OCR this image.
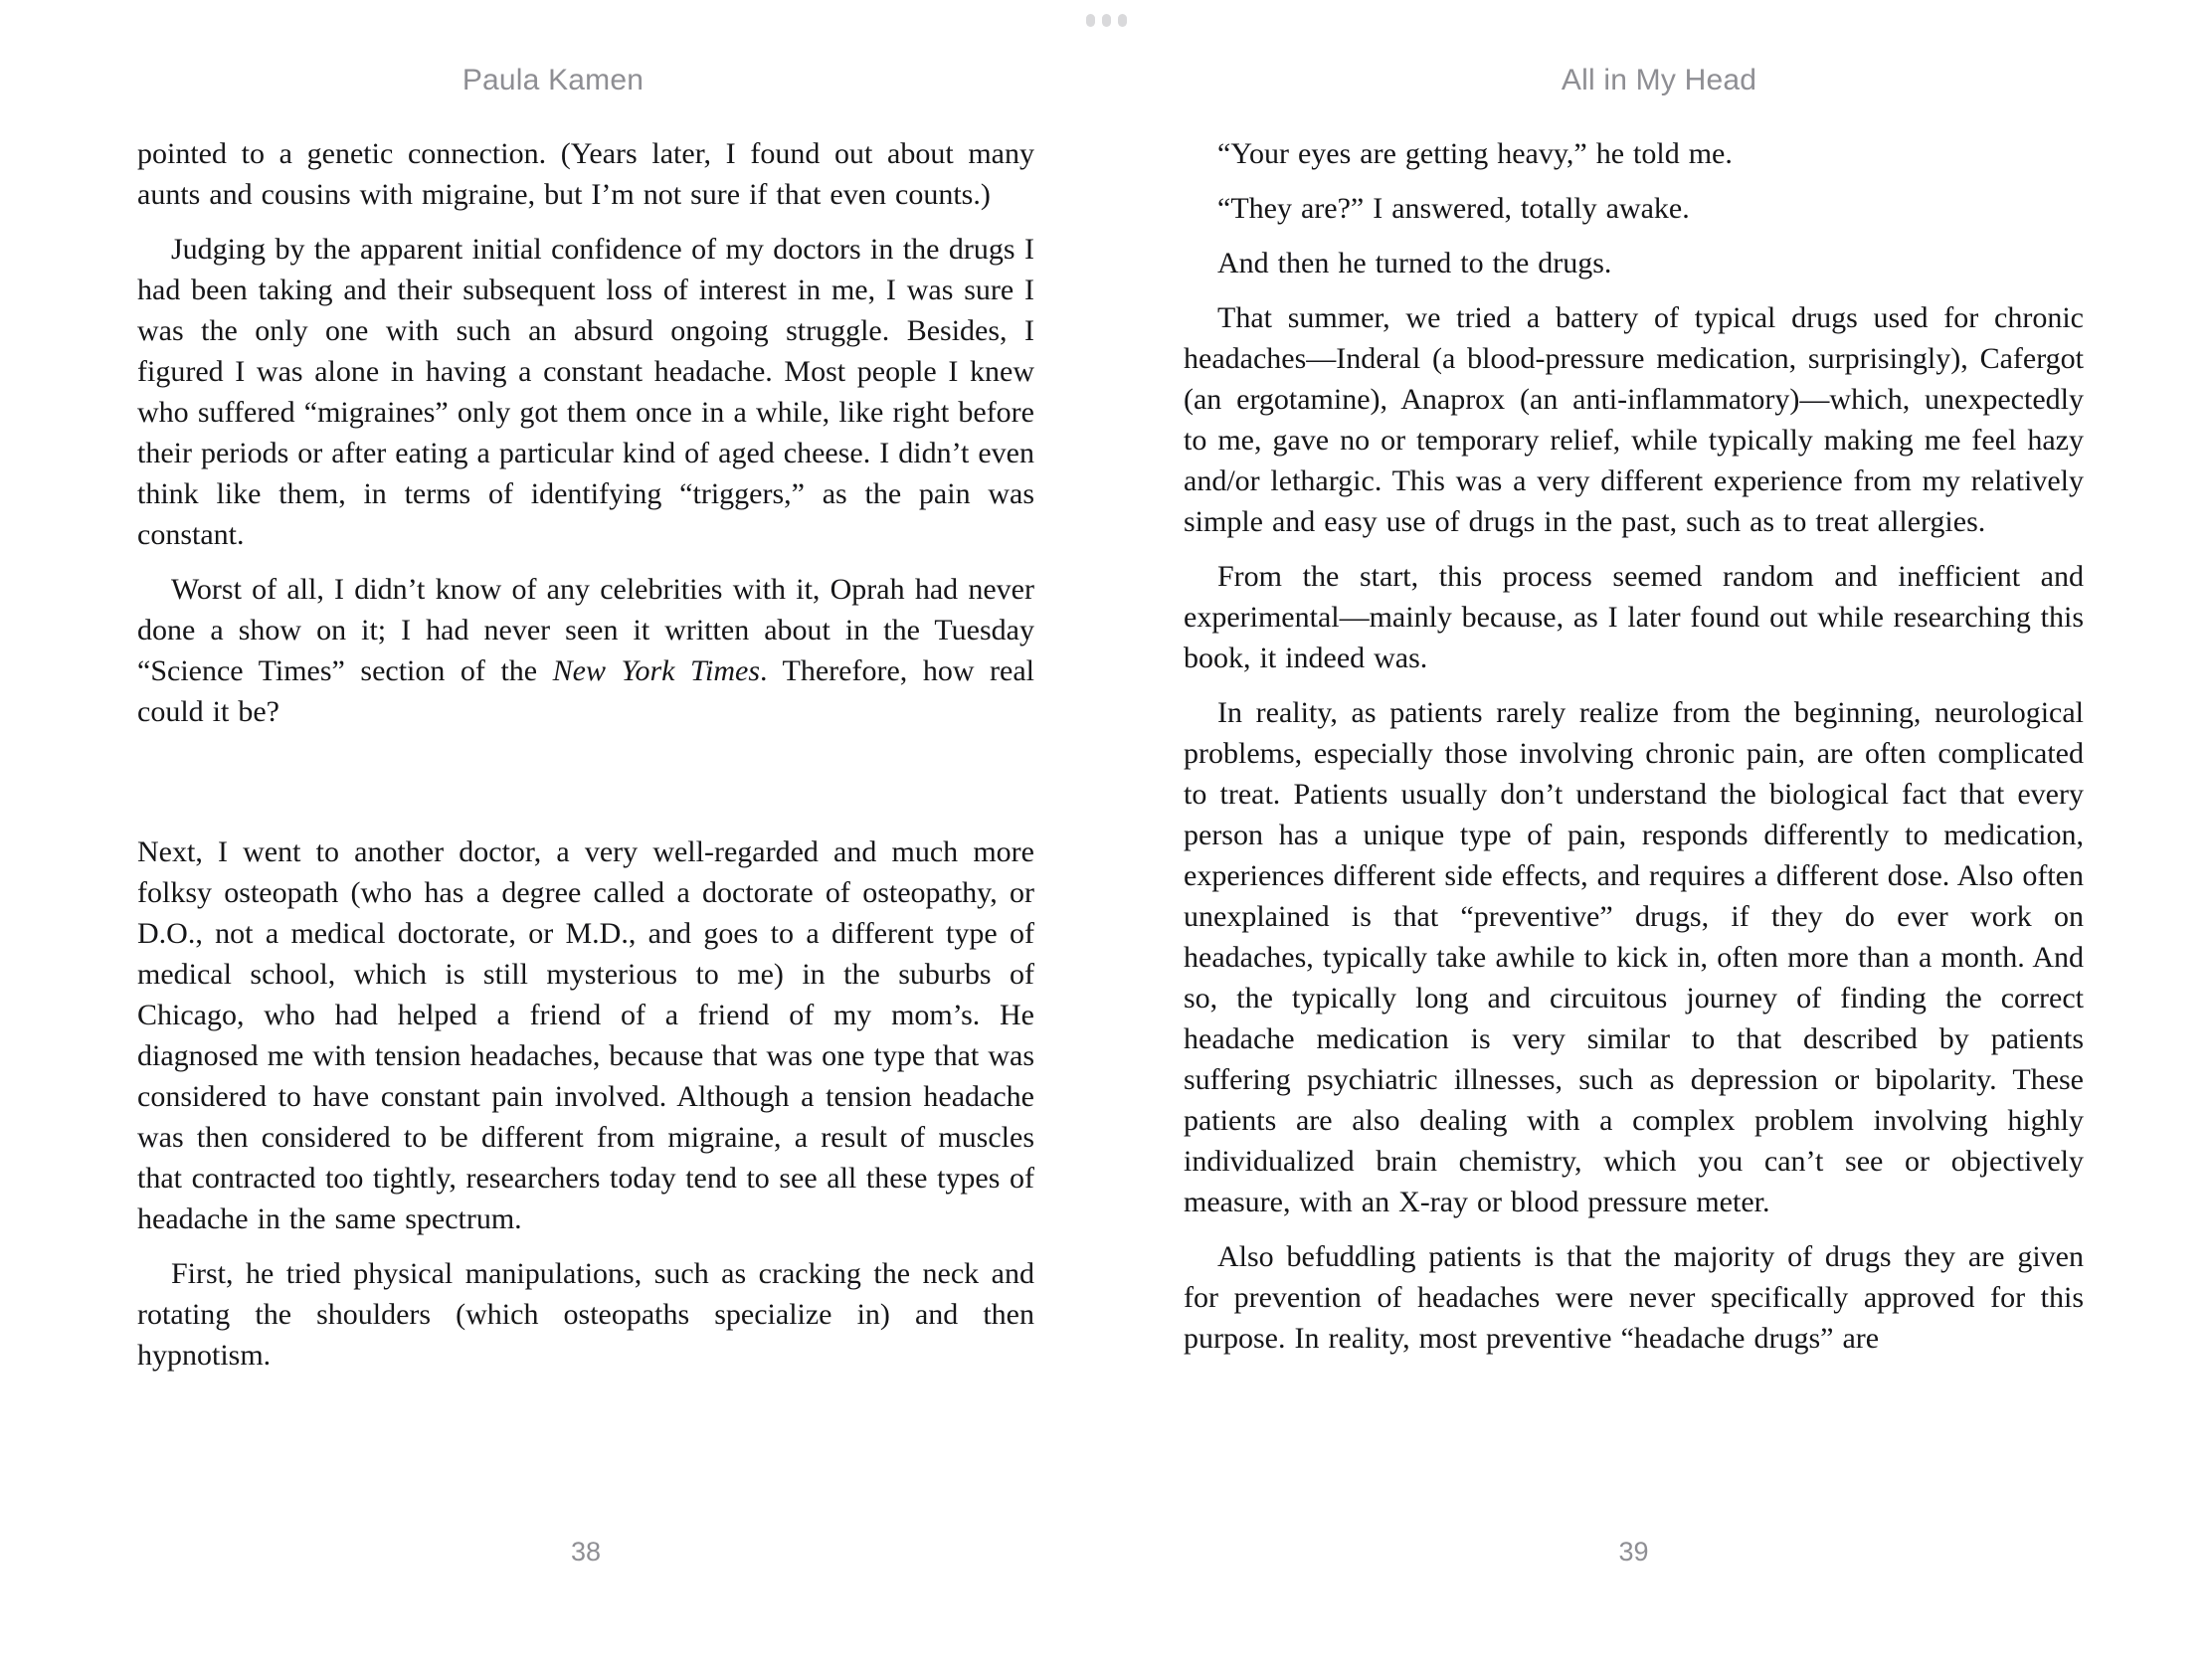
Paula Kamen	All in My Head

pointed to a genetic connection. (Years later, I found out about many aunts and cousins with migraine, but I’m not sure if that even counts.)

Judging by the apparent initial confidence of my doctors in the drugs I had been taking and their subsequent loss of interest in me, I was sure I was the only one with such an absurd ongoing struggle. Besides, I figured I was alone in having a constant headache. Most people I knew who suffered “migraines” only got them once in a while, like right before their periods or after eating a particular kind of aged cheese. I didn’t even think like them, in terms of identifying “triggers,” as the pain was constant.

Worst of all, I didn’t know of any celebrities with it, Oprah had never done a show on it; I had never seen it written about in the Tuesday “Science Times” section of the New York Times. Therefore, how real could it be?

Next, I went to another doctor, a very well-regarded and much more folksy osteopath (who has a degree called a doctorate of osteopathy, or D.O., not a medical doctorate, or M.D., and goes to a different type of medical school, which is still mysterious to me) in the suburbs of Chicago, who had helped a friend of a friend of my mom’s. He diagnosed me with tension headaches, because that was one type that was considered to have constant pain involved. Although a tension headache was then considered to be different from migraine, a result of muscles that contracted too tightly, researchers today tend to see all these types of headache in the same spectrum.

First, he tried physical manipulations, such as cracking the neck and rotating the shoulders (which osteopaths specialize in) and then hypnotism.

“Your eyes are getting heavy,” he told me.

“They are?” I answered, totally awake.

And then he turned to the drugs.

That summer, we tried a battery of typical drugs used for chronic headaches—Inderal (a blood-pressure medication, surprisingly), Cafergot (an ergotamine), Anaprox (an anti-inflammatory)—which, unexpectedly to me, gave no or temporary relief, while typically making me feel hazy and/or lethargic. This was a very different experience from my relatively simple and easy use of drugs in the past, such as to treat allergies.

From the start, this process seemed random and inefficient and experimental—mainly because, as I later found out while researching this book, it indeed was.

In reality, as patients rarely realize from the beginning, neurological problems, especially those involving chronic pain, are often complicated to treat. Patients usually don’t understand the biological fact that every person has a unique type of pain, responds differently to medication, experiences different side effects, and requires a different dose. Also often unexplained is that “preventive” drugs, if they do ever work on headaches, typically take awhile to kick in, often more than a month. And so, the typically long and circuitous journey of finding the correct headache medication is very similar to that described by patients suffering psychiatric illnesses, such as depression or bipolarity. These patients are also dealing with a complex problem involving highly individualized brain chemistry, which you can’t see or objectively measure, with an X-ray or blood pressure meter.

Also befuddling patients is that the majority of drugs they are given for prevention of headaches were never specifically approved for this purpose. In reality, most preventive “headache drugs” are

38	39
